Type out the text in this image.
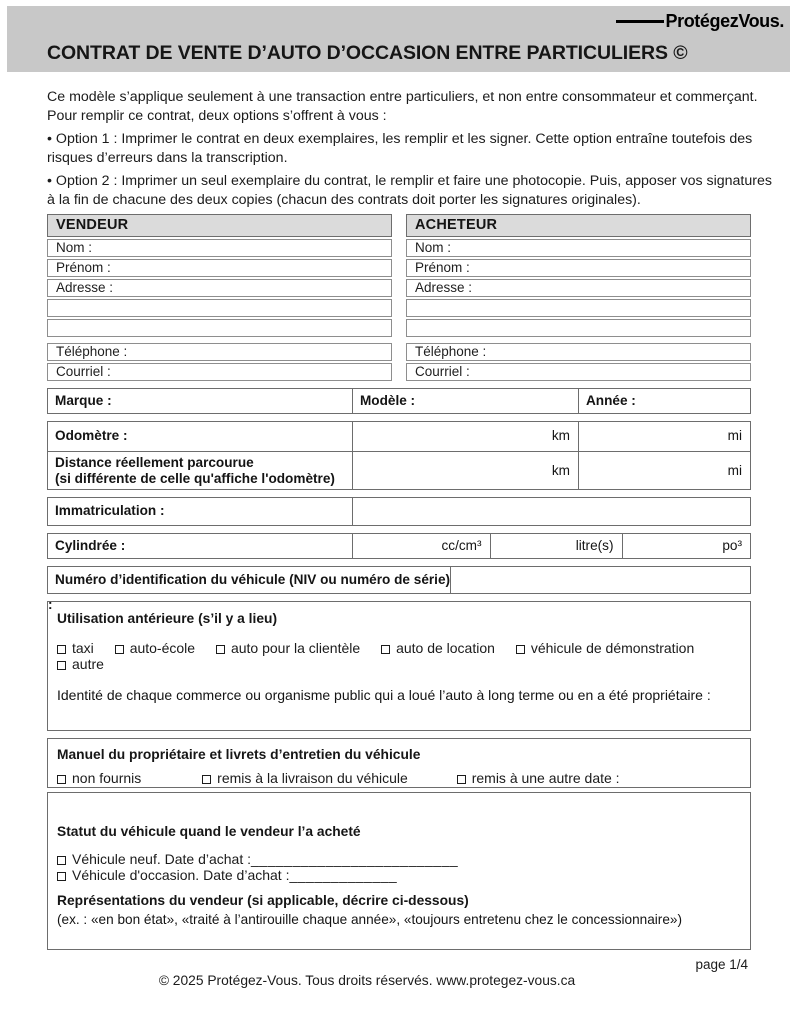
ProtégezVous.
CONTRAT DE VENTE D’AUTO D’OCCASION ENTRE PARTICULIERS ©

Ce modèle s’applique seulement à une transaction entre particuliers, et non entre consommateur et commerçant. Pour remplir ce contrat, deux options s’offrent à vous :

• Option 1 : Imprimer le contrat en deux exemplaires, les remplir et les signer. Cette option entraîne toutefois des risques d’erreurs dans la transcription.

• Option 2 : Imprimer un seul exemplaire du contrat, le remplir et faire une photocopie. Puis, apposer vos signatures à la fin de chacune des deux copies (chacun des contrats doit porter les signatures originales).

VENDEUR
Nom :
Prénom :
Adresse :
Téléphone :
Courriel :
ACHETEUR
Nom :
Prénom :
Adresse :
Téléphone :
Courriel :
Marque :	Modèle :	Année :
Odomètre :	km	mi
Distance réellement parcourue
(si différente de celle qu'affiche l'odomètre)	km	mi
Immatriculation :
Cylindrée :	cc/cm³	litre(s)	po³
Numéro d’identification du véhicule (NIV ou numéro de série) :
Utilisation antérieure (s’il y a lieu)
taxi	auto-école	auto pour la clientèle	auto de location	véhicule de démonstration autre
Identité de chaque commerce ou organisme public qui a loué l’auto à long terme ou en a été propriétaire :
Manuel du propriétaire et livrets d’entretien du véhicule
non fournis	remis à la livraison du véhicule	remis à une autre date :
Statut du véhicule quand le vendeur l’a acheté
Véhicule neuf. Date d’achat :_________________________ Véhicule d'occasion. Date d’achat :_____________
Représentations du vendeur (si applicable, décrire ci-dessous)
(ex. : «en bon état», «traité à l’antirouille chaque année», «toujours entretenu chez le concessionnaire»)
page 1/4
© 2025 Protégez-Vous. Tous droits réservés. www.protegez-vous.ca
